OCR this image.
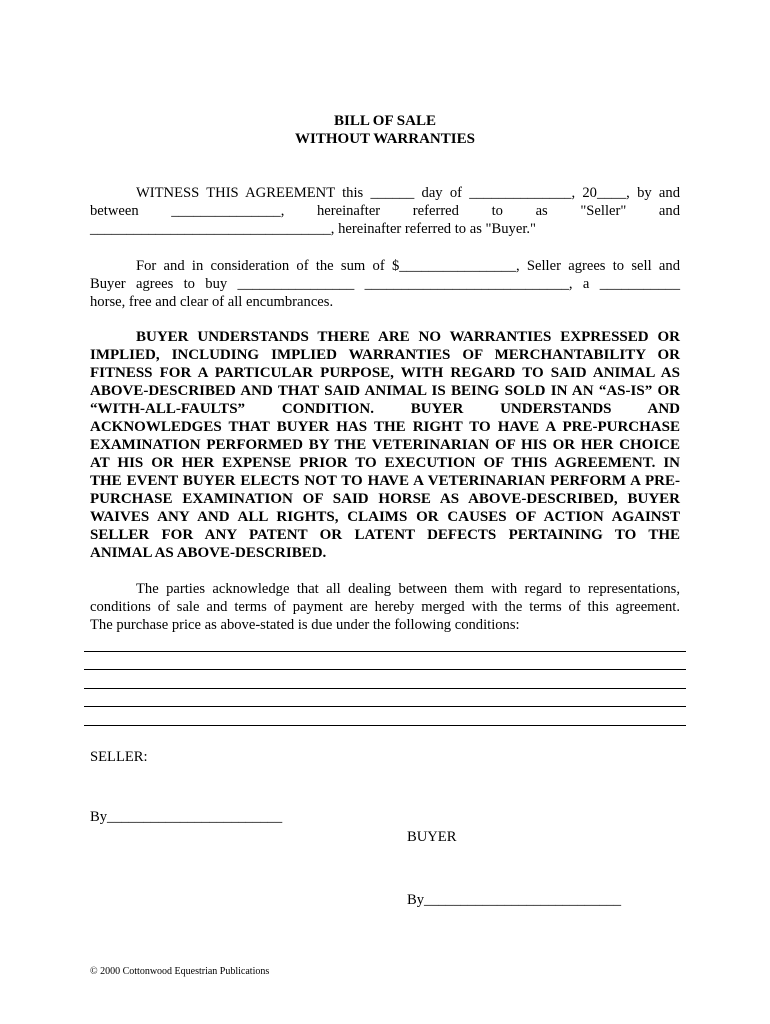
BILL OF SALE
WITHOUT WARRANTIES
WITNESS THIS AGREEMENT this ______ day of ______________, 20____, by and
between _______________, hereinafter referred to as "Seller" and
_________________________________, hereinafter referred to as "Buyer."
For and in consideration of the sum of $________________, Seller agrees to sell and
Buyer agrees to buy ________________ ____________________________, a ___________
horse, free and clear of all encumbrances.
BUYER UNDERSTANDS THERE ARE NO WARRANTIES EXPRESSED OR
IMPLIED, INCLUDING IMPLIED WARRANTIES OF MERCHANTABILITY OR
FITNESS FOR A PARTICULAR PURPOSE, WITH REGARD TO SAID ANIMAL AS
ABOVE-DESCRIBED AND THAT SAID ANIMAL IS BEING SOLD IN AN “AS-IS” OR
“WITH-ALL-FAULTS” CONDITION. BUYER UNDERSTANDS AND
ACKNOWLEDGES THAT BUYER HAS THE RIGHT TO HAVE A PRE-PURCHASE
EXAMINATION PERFORMED BY THE VETERINARIAN OF HIS OR HER CHOICE
AT HIS OR HER EXPENSE PRIOR TO EXECUTION OF THIS AGREEMENT. IN
THE EVENT BUYER ELECTS NOT TO HAVE A VETERINARIAN PERFORM A PRE-
PURCHASE EXAMINATION OF SAID HORSE AS ABOVE-DESCRIBED, BUYER
WAIVES ANY AND ALL RIGHTS, CLAIMS OR CAUSES OF ACTION AGAINST
SELLER FOR ANY PATENT OR LATENT DEFECTS PERTAINING TO THE
ANIMAL AS ABOVE-DESCRIBED.
The parties acknowledge that all dealing between them with regard to representations,
conditions of sale and terms of payment are hereby merged with the terms of this agreement.
The purchase price as above-stated is due under the following conditions:
SELLER:
By________________________
BUYER
By___________________________
© 2000 Cottonwood Equestrian Publications
